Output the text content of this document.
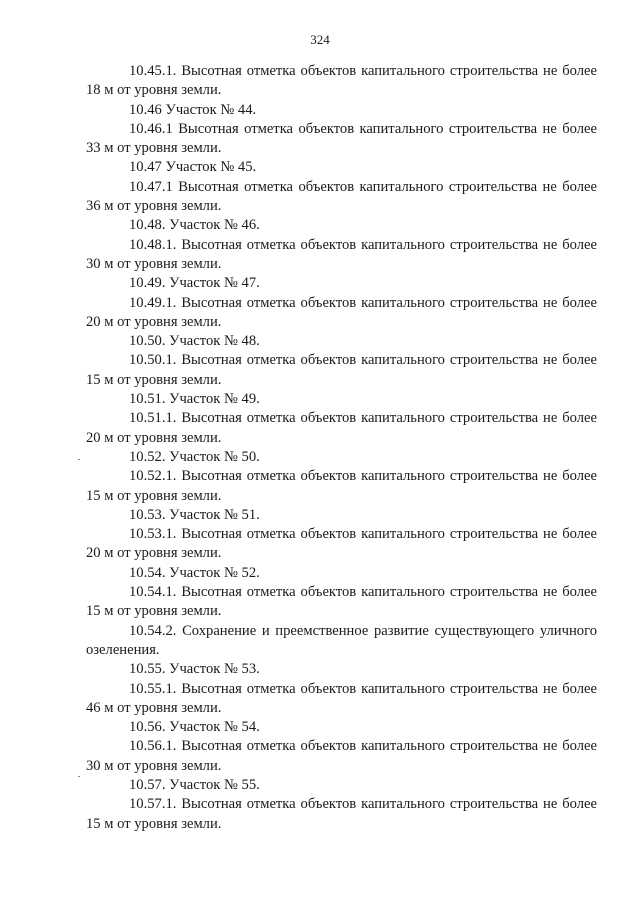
324

10.45.1. Высотная отметка объектов капитального строительства не более 18 м от уровня земли.

10.46 Участок № 44.

10.46.1 Высотная отметка объектов капитального строительства не более 33 м от уровня земли.

10.47 Участок № 45.

10.47.1 Высотная отметка объектов капитального строительства не более 36 м от уровня земли.

10.48. Участок № 46.

10.48.1. Высотная отметка объектов капитального строительства не более 30 м от уровня земли.

10.49. Участок № 47.

10.49.1. Высотная отметка объектов капитального строительства не более 20 м от уровня земли.

10.50. Участок № 48.

10.50.1. Высотная отметка объектов капитального строительства не более 15 м от уровня земли.

10.51. Участок № 49.

10.51.1. Высотная отметка объектов капитального строительства не более 20 м от уровня земли.

10.52. Участок № 50.

10.52.1. Высотная отметка объектов капитального строительства не более 15 м от уровня земли.

10.53. Участок № 51.

10.53.1. Высотная отметка объектов капитального строительства не более 20 м от уровня земли.

10.54. Участок № 52.

10.54.1. Высотная отметка объектов капитального строительства не более 15 м от уровня земли.

10.54.2. Сохранение и преемственное развитие существующего уличного озеленения.

10.55. Участок № 53.

10.55.1. Высотная отметка объектов капитального строительства не более 46 м от уровня земли.

10.56. Участок № 54.

10.56.1. Высотная отметка объектов капитального строительства не более 30 м от уровня земли.

10.57. Участок № 55.

10.57.1. Высотная отметка объектов капитального строительства не более 15 м от уровня земли.
